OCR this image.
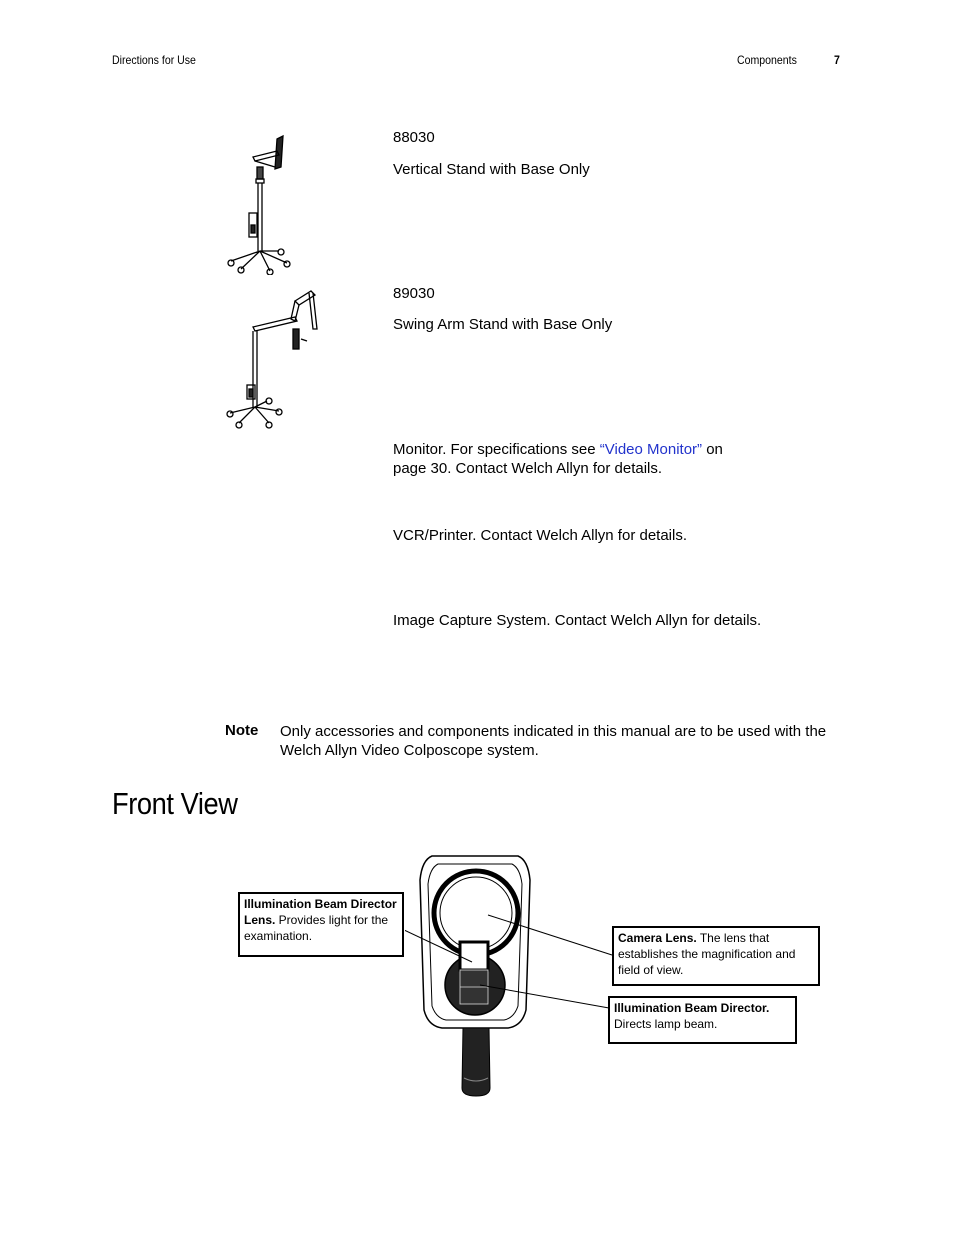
Directions for Use	Components	7
88030
Vertical Stand with Base Only
89030
Swing Arm Stand with Base Only
Monitor. For specifications see “Video Monitor” on
page 30. Contact Welch Allyn for details.
VCR/Printer. Contact Welch Allyn for details.
Image Capture System. Contact Welch Allyn for details.
Note Only accessories and components indicated in this manual are to be used with the Welch Allyn Video Colposcope system.
Front View
Illumination Beam Director Lens. Provides light for the examination.	Camera Lens. The lens that establishes the magnification and field of view.
Illumination Beam Director. Directs lamp beam.
